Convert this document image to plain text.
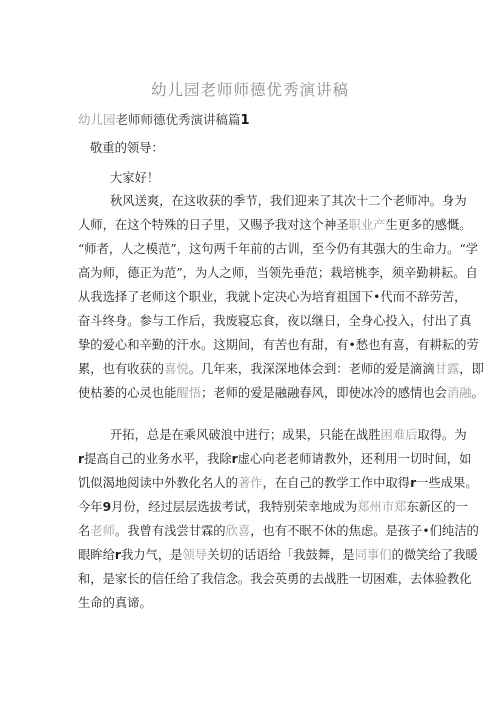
幼儿园老师师德优秀演讲稿
幼儿园老师师德优秀演讲稿篇1
敬重的领导：
大家好！
秋风送爽，在这收获的季节，我们迎来了其次十二个老师冲。身为
人师，在这个特殊的日子里，又赐予我对这个神圣职业产生更多的感慨。
“师者，人之模范”，这句两千年前的古训，至今仍有其强大的生命力。“学
高为师，德正为范”，为人之师，当领先垂范；栽培桃李，须辛勤耕耘。自
从我选择了老师这个职业，我就卜定决心为培育祖国下•代而不辞劳苦，
奋斗终身。参与工作后，我废寝忘食，夜以继日，全身心投入，付出了真
挚的爱心和辛勤的汗水。这期间，有苦也有甜，有•愁也有喜，有耕耘的劳
累，也有收获的喜悦。几年来，我深深地体会到：老师的爱是滴滴甘露，即
使枯萎的心灵也能醒悟；老师的爱是融融春风，即使冰冷的感情也会消融。
开拓，总是在乘风破浪中进行；成果，只能在战胜困难后取得。为
r提高自己的业务水平，我除r虚心向老老师请教外，还利用一切时间，如
饥似渴地阅读中外教化名人的著作，在自己的教学工作中取得r一些成果。
今年9月份，经过层层选拔考试，我特别荣幸地成为郑州市郑东新区的一
名老师。我曾有浅尝甘霖的欣喜，也有不眠不休的焦虑。是孩子•们纯洁的
眼眸给r我力气，是领导关切的话语给「我鼓舞，是同事们的微笑给了我暖
和，是家长的信任给了我信念。我会英勇的去战胜一切困难，去体验教化
生命的真谛。
